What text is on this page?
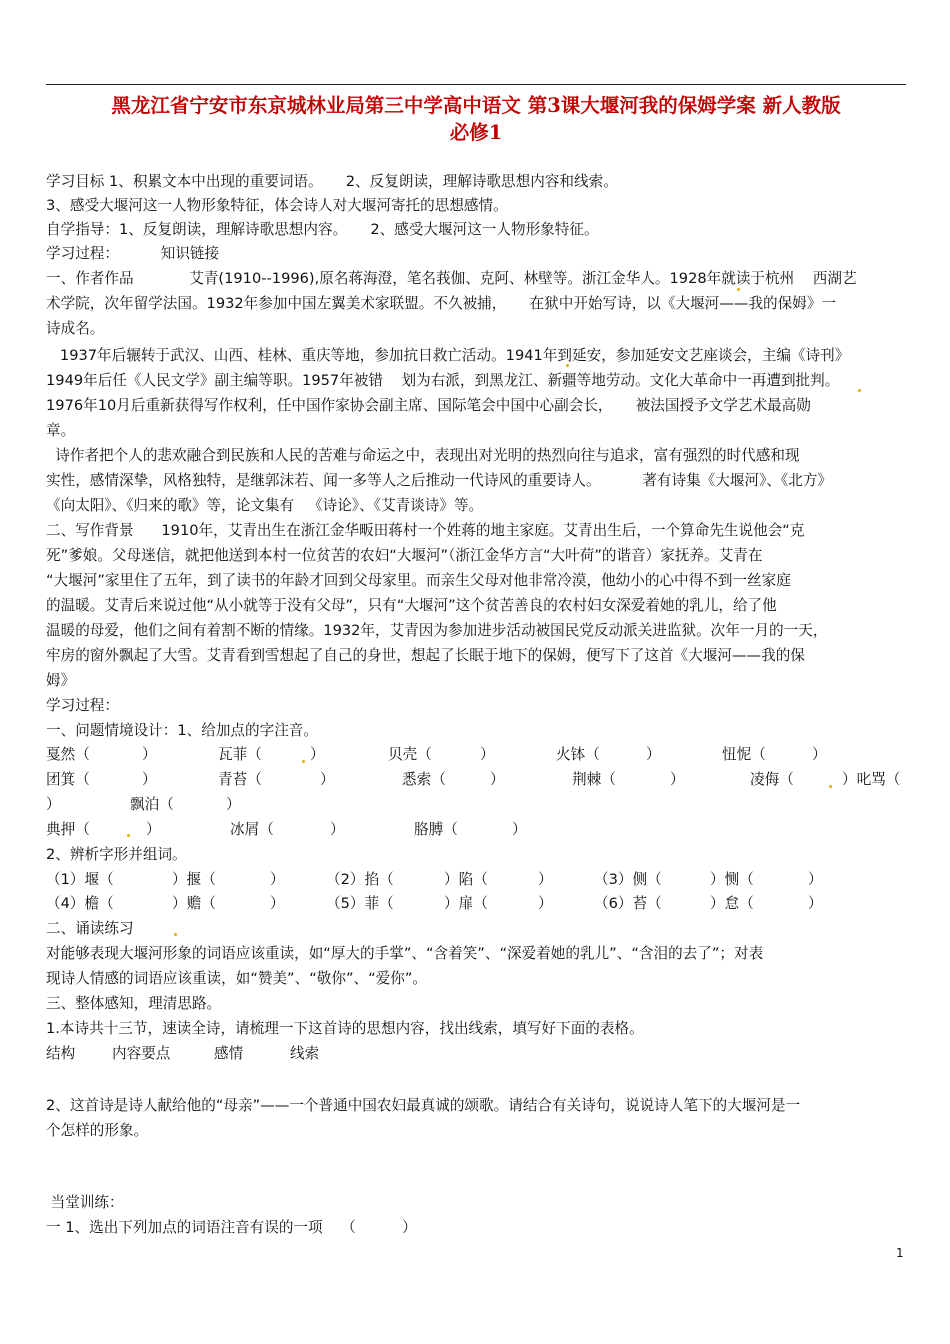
黑龙江省宁安市东京城林业局第三中学高中语文 第3课大堰河我的保姆学案 新人教版
必修1
学习目标 1、积累文本中出现的重要词语。     2、反复朗读，理解诗歌思想内容和线索。
3、感受大堰河这一人物形象特征，体会诗人对大堰河寄托的思想感情。
自学指导：1、反复朗读，理解诗歌思想内容。     2、感受大堰河这一人物形象特征。
学习过程：         知识链接
一、作者作品            艾青(1910--1996),原名蒋海澄，笔名莪伽、克阿、林壁等。浙江金华人。1928年就读于杭州    西湖艺
术学院，次年留学法国。1932年参加中国左翼美术家联盟。不久被捕，     在狱中开始写诗，以《大堰河——我的保姆》一
诗成名。
1937年后辗转于武汉、山西、桂林、重庆等地，参加抗日救亡活动。1941年到延安，参加延安文艺座谈会，主编《诗刊》
1949年后任《人民文学》副主编等职。1957年被错    划为右派，到黑龙江、新疆等地劳动。文化大革命中一再遭到批判。
1976年10月后重新获得写作权利，任中国作家协会副主席、国际笔会中国中心副会长，     被法国授予文学艺术最高勋
章。
诗作者把个人的悲欢融合到民族和人民的苦难与命运之中，表现出对光明的热烈向往与追求，富有强烈的时代感和现
实性，感情深挚，风格独特，是继郭沫若、闻一多等人之后推动一代诗风的重要诗人。         著有诗集《大堰河》、《北方》
《向太阳》、《归来的歌》等，论文集有   《诗论》、《艾青谈诗》等。
二、写作背景      1910年，艾青出生在浙江金华畈田蒋村一个姓蒋的地主家庭。艾青出生后，一个算命先生说他会“克
死”爹娘。父母迷信，就把他送到本村一位贫苦的农妇“大堰河”（浙江金华方言“大叶荷”的谐音）家抚养。艾青在
“大堰河”家里住了五年，到了读书的年龄才回到父母家里。而亲生父母对他非常冷漠，他幼小的心中得不到一丝家庭
的温暖。艾青后来说过他“从小就等于没有父母”，只有“大堰河”这个贫苦善良的农村妇女深爱着她的乳儿，给了他
温暖的母爱，他们之间有着割不断的情缘。1932年，艾青因为参加进步活动被国民党反动派关进监狱。次年一月的一天，
牢房的窗外飘起了大雪。艾青看到雪想起了自己的身世，想起了长眠于地下的保姆，便写下了这首《大堰河——我的保
姆》
学习过程：
一、问题情境设计：1、给加点的字注音。
戛然（	）	瓦菲（	）	贝壳（	）	火钵（	）	忸怩（	）
团箕（	）	青苔（	）	悉索（	）	荆棘（	）	凌侮（	）叱骂（
）	飘泊（	）
典押（	）	冰屑（	）	胳膊（	）
2、辨析字形并组词。
（1）堰（	）揠（	）	（2）掐（	）陷（	）	（3）侧（	）恻（	）
（4）檐（	）赡（	）	（5）菲（	）扉（	）	（6）苔（	）怠（	）
二、诵读练习
对能够表现大堰河形象的词语应该重读，如“厚大的手掌”、“含着笑”、“深爱着她的乳儿”、“含泪的去了”；对表
现诗人情感的词语应该重读，如“赞美”、“敬你”、“爱你”。
三、整体感知，理清思路。
1.本诗共十三节，速读全诗，请梳理一下这首诗的思想内容，找出线索，填写好下面的表格。
结构	内容要点	感情	线索
2、这首诗是诗人献给他的“母亲”——一个普通中国农妇最真诚的颂歌。请结合有关诗句，说说诗人笔下的大堰河是一
个怎样的形象。
当堂训练：
一 1、选出下列加点的词语注音有误的一项    （          ）
1
